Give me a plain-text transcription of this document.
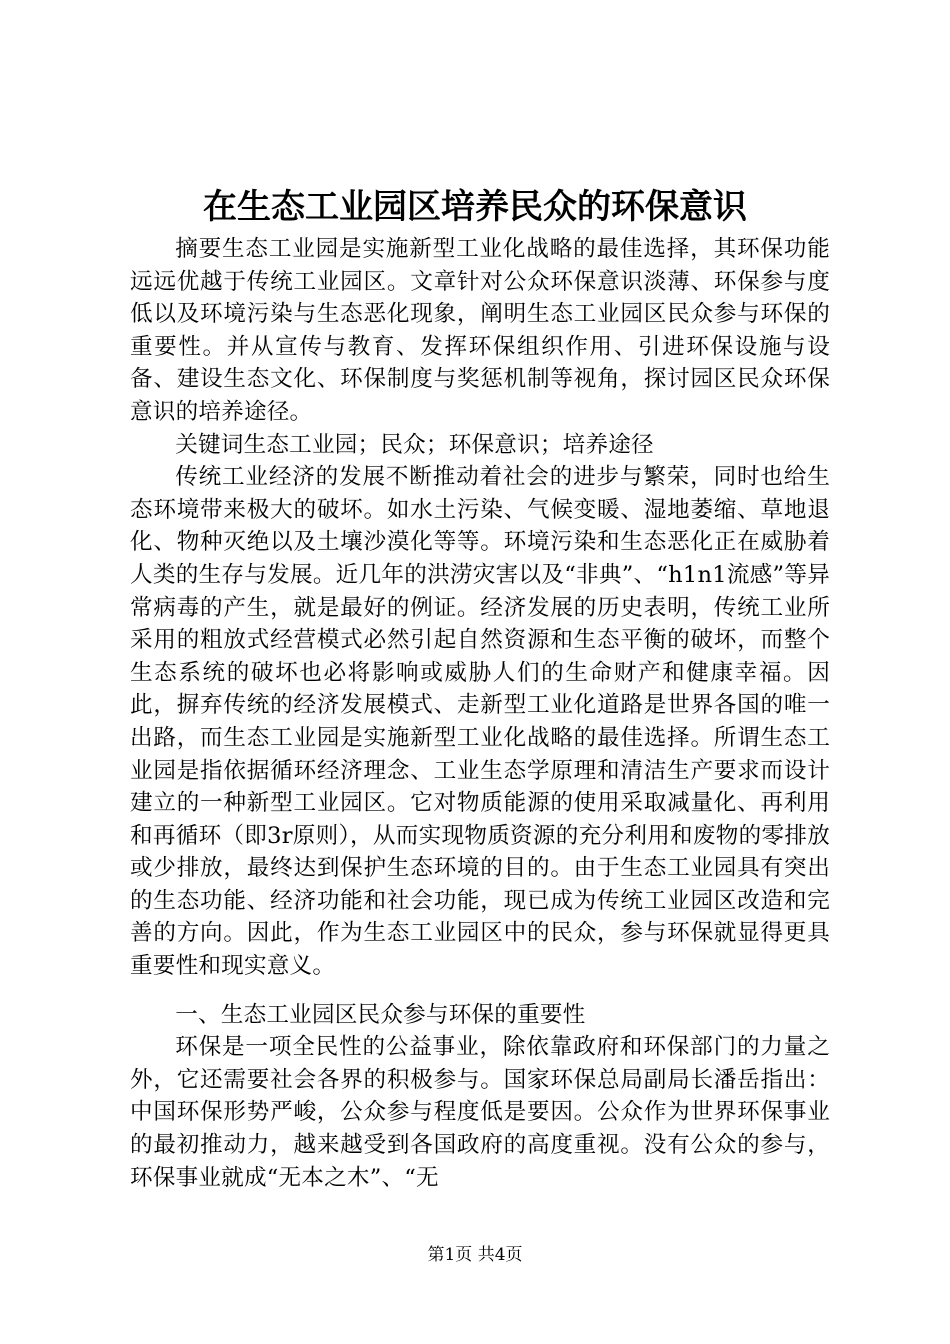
在生态工业园区培养民众的环保意识

摘要生态工业园是实施新型工业化战略的最佳选择，其环保功能远远优越于传统工业园区。文章针对公众环保意识淡薄、环保参与度低以及环境污染与生态恶化现象，阐明生态工业园区民众参与环保的重要性。并从宣传与教育、发挥环保组织作用、引进环保设施与设备、建设生态文化、环保制度与奖惩机制等视角，探讨园区民众环保意识的培养途径。

关键词生态工业园；民众；环保意识；培养途径

传统工业经济的发展不断推动着社会的进步与繁荣，同时也给生态环境带来极大的破坏。如水土污染、气候变暖、湿地萎缩、草地退化、物种灭绝以及土壤沙漠化等等。环境污染和生态恶化正在威胁着人类的生存与发展。近几年的洪涝灾害以及“非典”、“h1n1流感”等异常病毒的产生，就是最好的例证。经济发展的历史表明，传统工业所采用的粗放式经营模式必然引起自然资源和生态平衡的破坏，而整个生态系统的破坏也必将影响或威胁人们的生命财产和健康幸福。因此，摒弃传统的经济发展模式、走新型工业化道路是世界各国的唯一出路，而生态工业园是实施新型工业化战略的最佳选择。所谓生态工业园是指依据循环经济理念、工业生态学原理和清洁生产要求而设计建立的一种新型工业园区。它对物质能源的使用采取减量化、再利用和再循环（即3r原则），从而实现物质资源的充分利用和废物的零排放或少排放，最终达到保护生态环境的目的。由于生态工业园具有突出的生态功能、经济功能和社会功能，现已成为传统工业园区改造和完善的方向。因此，作为生态工业园区中的民众，参与环保就显得更具重要性和现实意义。

一、生态工业园区民众参与环保的重要性

环保是一项全民性的公益事业，除依靠政府和环保部门的力量之外，它还需要社会各界的积极参与。国家环保总局副局长潘岳指出：中国环保形势严峻，公众参与程度低是要因。公众作为世界环保事业的最初推动力，越来越受到各国政府的高度重视。没有公众的参与，环保事业就成“无本之木”、“无

第1页 共4页
